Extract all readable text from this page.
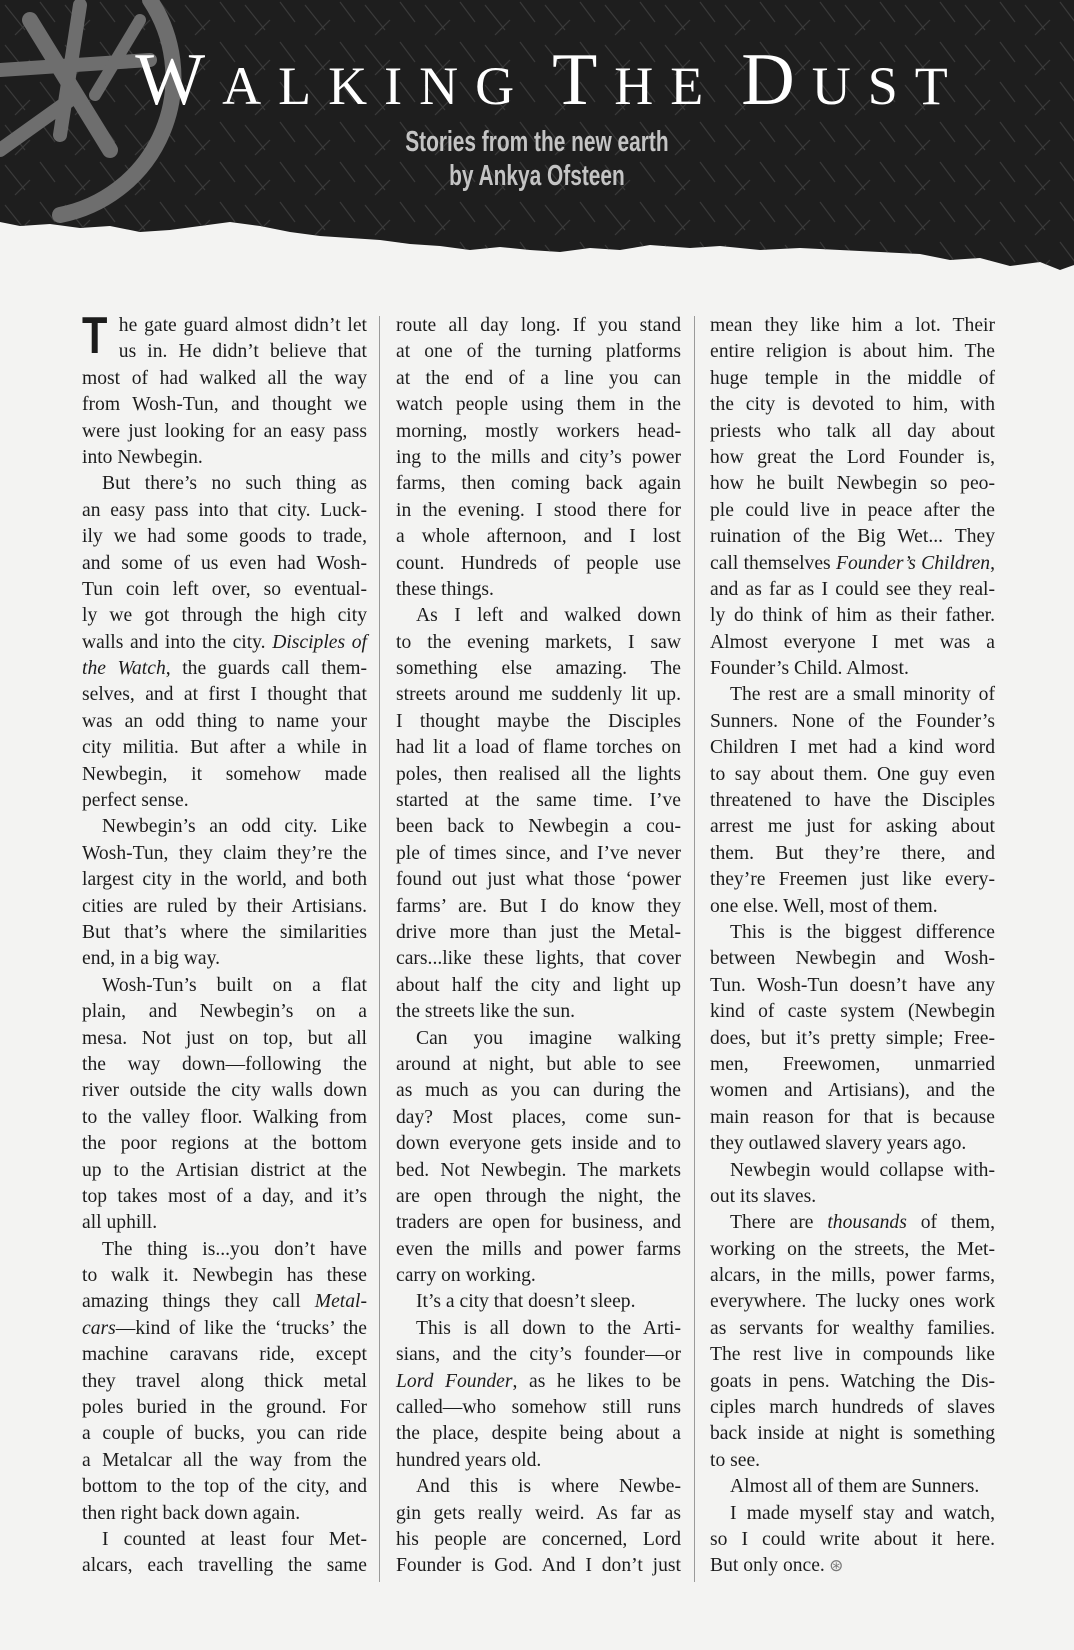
WALKING THE DUST
Stories from the new earth
by Ankya Ofsteen
T he gate guard almost didn’t let
us in. He didn’t believe that
most of had walked all the way
from Wosh-Tun, and thought we
were just looking for an easy pass
into Newbegin.
But there’s no such thing as
an easy pass into that city. Luck-
ily we had some goods to trade,
and some of us even had Wosh-
Tun coin left over, so eventual-
ly we got through the high city
walls and into the city. Disciples of
the Watch, the guards call them-
selves, and at first I thought that
was an odd thing to name your
city militia. But after a while in
Newbegin, it somehow made
perfect sense.
Newbegin’s an odd city. Like
Wosh-Tun, they claim they’re the
largest city in the world, and both
cities are ruled by their Artisians.
But that’s where the similarities
end, in a big way.
Wosh-Tun’s built on a flat
plain, and Newbegin’s on a
mesa. Not just on top, but all
the way down—following the
river outside the city walls down
to the valley floor. Walking from
the poor regions at the bottom
up to the Artisian district at the
top takes most of a day, and it’s
all uphill.
The thing is...you don’t have
to walk it. Newbegin has these
amazing things they call Metal-
cars—kind of like the ‘trucks’ the
machine caravans ride, except
they travel along thick metal
poles buried in the ground. For
a couple of bucks, you can ride
a Metalcar all the way from the
bottom to the top of the city, and
then right back down again.
I counted at least four Met-
alcars, each travelling the same
route all day long. If you stand
at one of the turning platforms
at the end of a line you can
watch people using them in the
morning, mostly workers head-
ing to the mills and city’s power
farms, then coming back again
in the evening. I stood there for
a whole afternoon, and I lost
count. Hundreds of people use
these things.
As I left and walked down
to the evening markets, I saw
something else amazing. The
streets around me suddenly lit up.
I thought maybe the Disciples
had lit a load of flame torches on
poles, then realised all the lights
started at the same time. I’ve
been back to Newbegin a cou-
ple of times since, and I’ve never
found out just what those ‘power
farms’ are. But I do know they
drive more than just the Metal-
cars...like these lights, that cover
about half the city and light up
the streets like the sun.
Can you imagine walking
around at night, but able to see
as much as you can during the
day? Most places, come sun-
down everyone gets inside and to
bed. Not Newbegin. The markets
are open through the night, the
traders are open for business, and
even the mills and power farms
carry on working.
It’s a city that doesn’t sleep.
This is all down to the Arti-
sians, and the city’s founder—or
Lord Founder, as he likes to be
called—who somehow still runs
the place, despite being about a
hundred years old.
And this is where Newbe-
gin gets really weird. As far as
his people are concerned, Lord
Founder is God. And I don’t just
mean they like him a lot. Their
entire religion is about him. The
huge temple in the middle of
the city is devoted to him, with
priests who talk all day about
how great the Lord Founder is,
how he built Newbegin so peo-
ple could live in peace after the
ruination of the Big Wet... They
call themselves Founder’s Children,
and as far as I could see they real-
ly do think of him as their father.
Almost everyone I met was a
Founder’s Child. Almost.
The rest are a small minority of
Sunners. None of the Founder’s
Children I met had a kind word
to say about them. One guy even
threatened to have the Disciples
arrest me just for asking about
them. But they’re there, and
they’re Freemen just like every-
one else. Well, most of them.
This is the biggest difference
between Newbegin and Wosh-
Tun. Wosh-Tun doesn’t have any
kind of caste system (Newbegin
does, but it’s pretty simple; Free-
men, Freewomen, unmarried
women and Artisians), and the
main reason for that is because
they outlawed slavery years ago.
Newbegin would collapse with-
out its slaves.
There are thousands of them,
working on the streets, the Met-
alcars, in the mills, power farms,
everywhere. The lucky ones work
as servants for wealthy families.
The rest live in compounds like
goats in pens. Watching the Dis-
ciples march hundreds of slaves
back inside at night is something
to see.
Almost all of them are Sunners.
I made myself stay and watch,
so I could write about it here.
But only once. ⊛
